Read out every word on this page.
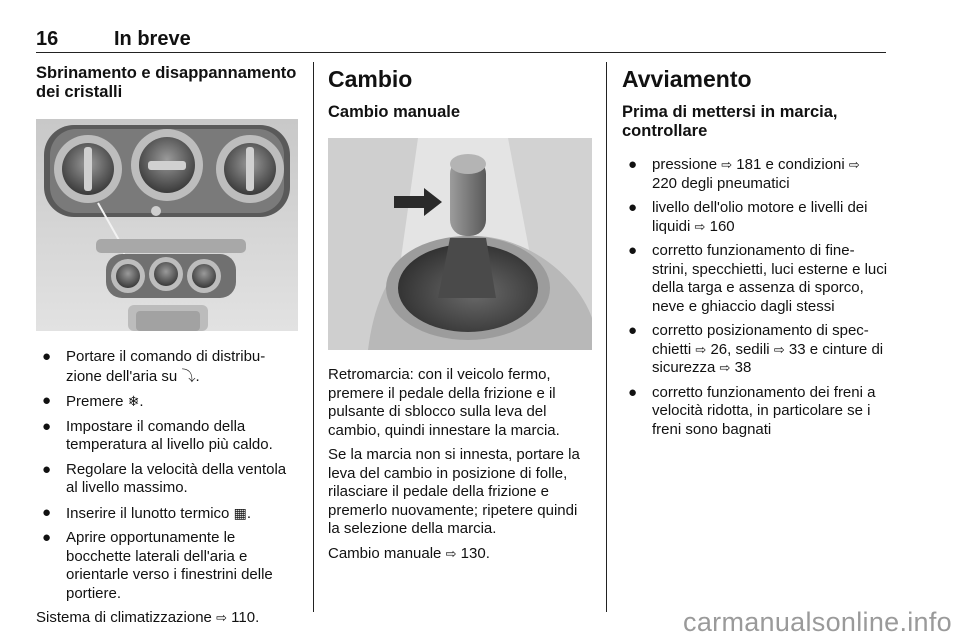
16	In breve
Sbrinamento e disappannamento dei cristalli
● Portare il comando di distribu-zione dell'aria su ⤵.
● Premere ❄.
● Impostare il comando della temperatura al livello più caldo.
● Regolare la velocità della ventola al livello massimo.
● Inserire il lunotto termico ▦.
● Aprire opportunamente le bocchette laterali dell'aria e orientarle verso i finestrini delle portiere.

Sistema di climatizzazione ⇨ 110.

Cambio
Cambio manuale

Retromarcia: con il veicolo fermo, premere il pedale della frizione e il pulsante di sblocco sulla leva del cambio, quindi innestare la marcia.

Se la marcia non si innesta, portare la leva del cambio in posizione di folle, rilasciare il pedale della frizione e premerlo nuovamente; ripetere quindi la selezione della marcia.

Cambio manuale ⇨ 130.

Avviamento
Prima di mettersi in marcia, controllare
● pressione ⇨ 181 e condizioni ⇨ 220 degli pneumatici
● livello dell'olio motore e livelli dei liquidi ⇨ 160
● corretto funzionamento di fine-strini, specchietti, luci esterne e luci della targa e assenza di sporco, neve e ghiaccio dagli stessi
● corretto posizionamento di spec-chietti ⇨ 26, sedili ⇨ 33 e cinture di sicurezza ⇨ 38
● corretto funzionamento dei freni a velocità ridotta, in particolare se i freni sono bagnati
carmanualsonline.info
